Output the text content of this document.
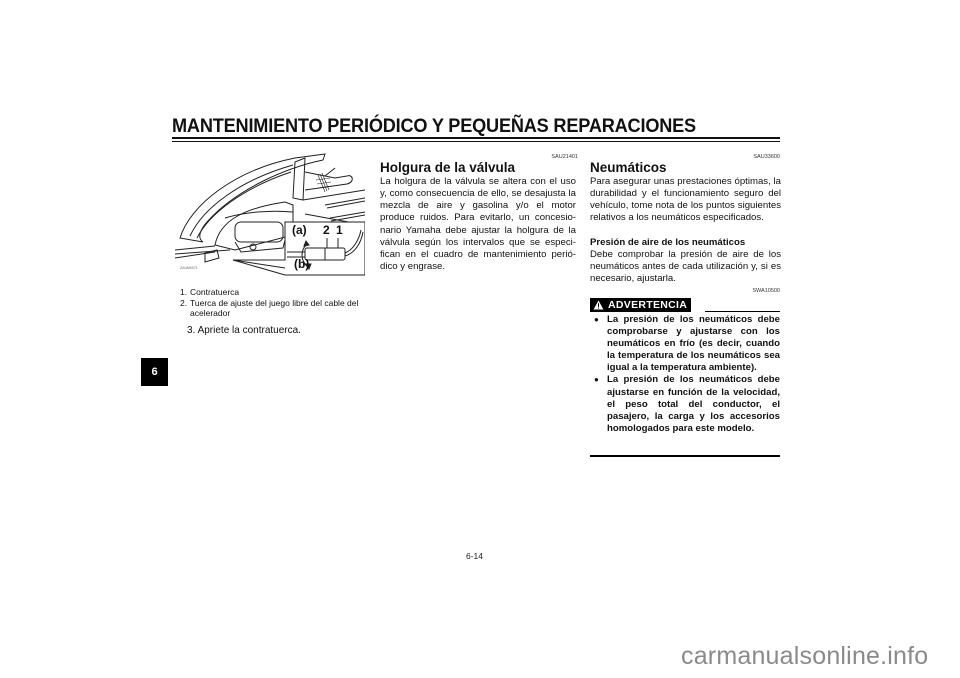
MANTENIMIENTO PERIÓDICO Y PEQUEÑAS REPARACIONES
6
(a) 2 1
(b)
ZAUM0071
1. Contratuerca
2. Tuerca de ajuste del juego libre del cable del acelerador
3. Apriete la contratuerca.
SAU21401
Holgura de la válvula
La holgura de la válvula se altera con el uso y, como consecuencia de ello, se desajusta la mezcla de aire y gasolina y/o el motor produce ruidos. Para evitarlo, un concesionario Yamaha debe ajustar la holgura de la válvula según los intervalos que se especifican en el cuadro de mantenimiento periódico y engrase.
SAU33600
Neumáticos
Para asegurar unas prestaciones óptimas, la durabilidad y el funcionamiento seguro del vehículo, tome nota de los puntos siguientes relativos a los neumáticos especificados.
Presión de aire de los neumáticos
Debe comprobar la presión de aire de los neumáticos antes de cada utilización y, si es necesario, ajustarla.
SWA10500
ADVERTENCIA
● La presión de los neumáticos debe comprobarse y ajustarse con los neumáticos en frío (es decir, cuando la temperatura de los neumáticos sea igual a la temperatura ambiente).
● La presión de los neumáticos debe ajustarse en función de la velocidad, el peso total del conductor, el pasajero, la carga y los accesorios homologados para este modelo.
6-14
carmanualsonline.info
